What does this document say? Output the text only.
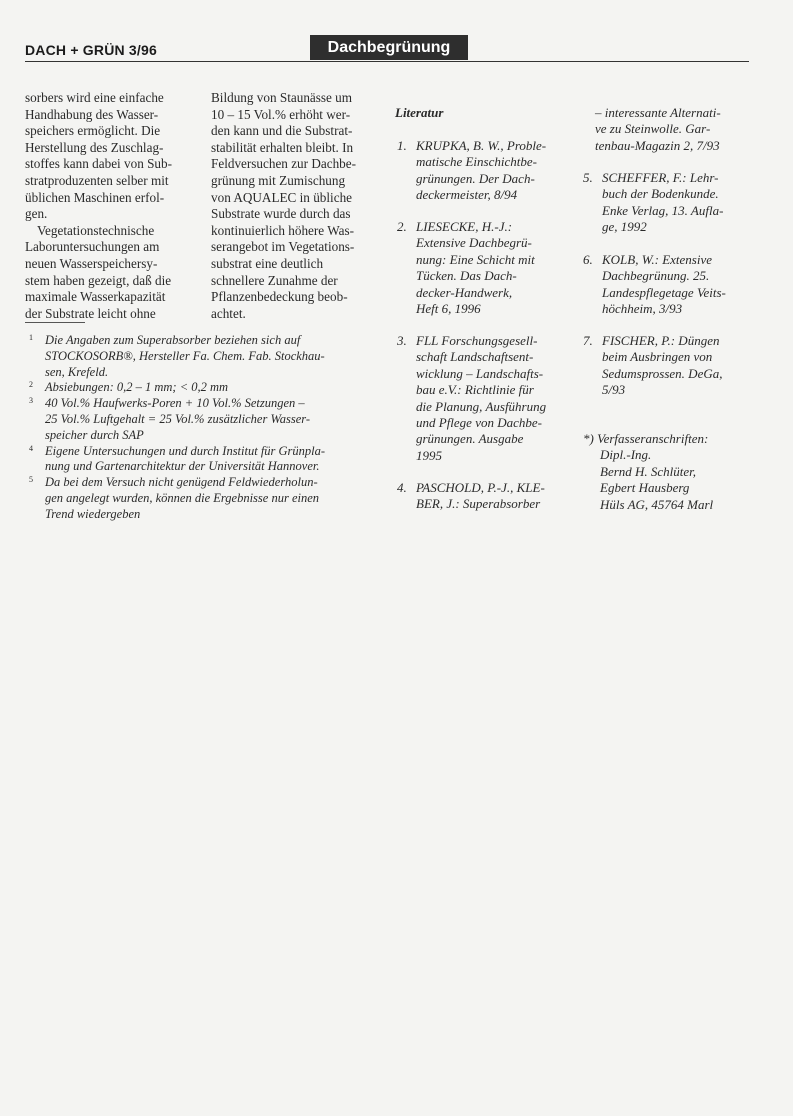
DACH + GRÜN 3/96	Dachbegrünung

sorbers wird eine einfache
Handhabung des Wasser-
speichers ermöglicht. Die
Herstellung des Zuschlag-
stoffes kann dabei von Sub-
stratproduzenten selber mit
üblichen Maschinen erfol-
gen.

Vegetationstechnische
Laboruntersuchungen am
neuen Wasserspeichersy-
stem haben gezeigt, daß die
maximale Wasserkapazität
der Substrate leicht ohne

Bildung von Staunässe um
10 – 15 Vol.% erhöht wer-
den kann und die Substrat-
stabilität erhalten bleibt. In
Feldversuchen zur Dachbe-
grünung mit Zumischung
von AQUALEC in übliche
Substrate wurde durch das
kontinuierlich höhere Was-
serangebot im Vegetations-
substrat eine deutlich
schnellere Zunahme der
Pflanzenbedeckung beob-
achtet.

1 Die Angaben zum Superabsorber beziehen sich auf
STOCKOSORB®, Hersteller Fa. Chem. Fab. Stockhau-
sen, Krefeld.
2 Absiebungen: 0,2 – 1 mm; < 0,2 mm
3 40 Vol.% Haufwerks-Poren + 10 Vol.% Setzungen –
25 Vol.% Luftgehalt = 25 Vol.% zusätzlicher Wasser-
speicher durch SAP
4 Eigene Untersuchungen und durch Institut für Grünpla-
nung und Gartenarchitektur der Universität Hannover.
5 Da bei dem Versuch nicht genügend Feldwiederholun-
gen angelegt wurden, können die Ergebnisse nur einen
Trend wiedergeben
Literatur
1. KRUPKA, B. W., Proble-
matische Einschichtbe-
grünungen. Der Dach-
deckermeister, 8/94
2. LIESECKE, H.-J.:
Extensive Dachbegrü-
nung: Eine Schicht mit
Tücken. Das Dach-
decker-Handwerk,
Heft 6, 1996
3. FLL Forschungsgesell-
schaft Landschaftsent-
wicklung – Landschafts-
bau e.V.: Richtlinie für
die Planung, Ausführung
und Pflege von Dachbe-
grünungen. Ausgabe
1995
4. PASCHOLD, P.-J., KLE-
BER, J.: Superabsorber
– interessante Alternati-
ve zu Steinwolle. Gar-
tenbau-Magazin 2, 7/93
5. SCHEFFER, F.: Lehr-
buch der Bodenkunde.
Enke Verlag, 13. Aufla-
ge, 1992
6. KOLB, W.: Extensive
Dachbegrünung. 25.
Landespflegetage Veits-
höchheim, 3/93
7. FISCHER, P.: Düngen
beim Ausbringen von
Sedumsprossen. DeGa,
5/93
*) Verfasseranschriften:
Dipl.-Ing.
Bernd H. Schlüter,
Egbert Hausberg
Hüls AG, 45764 Marl
